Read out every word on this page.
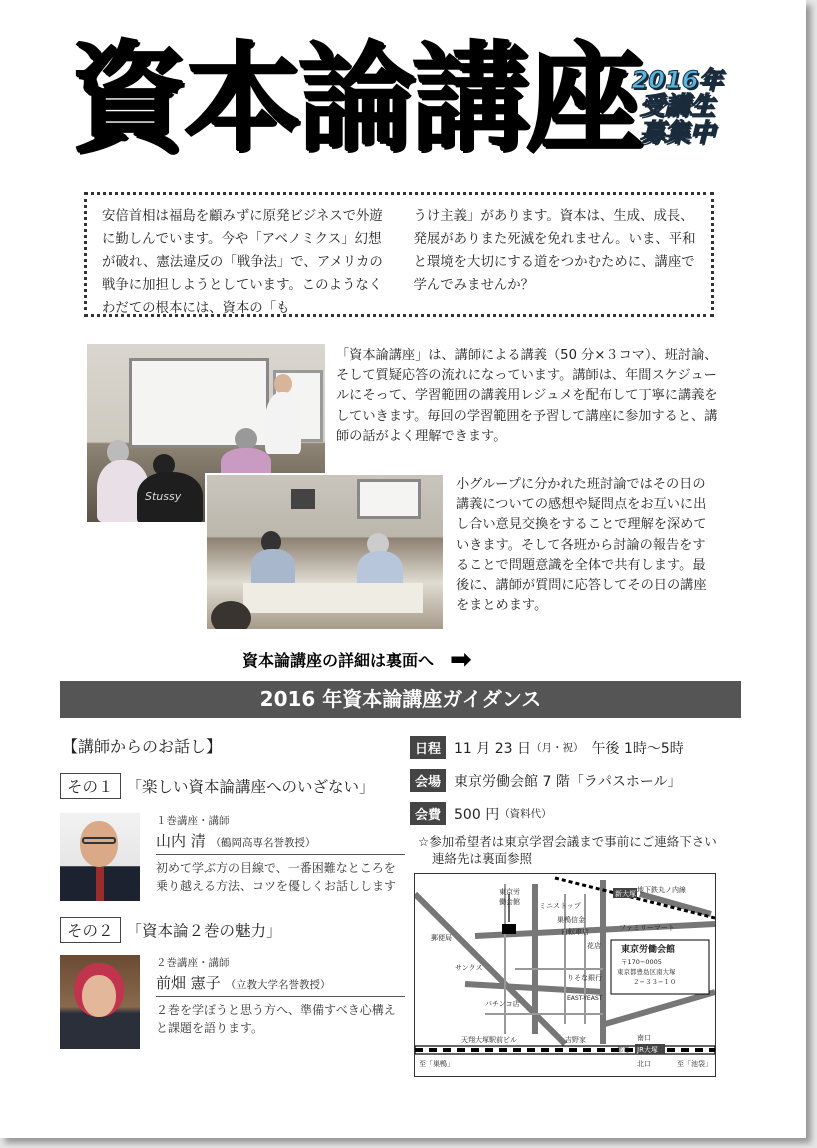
資本論講座
2016年
受講生
募集中
安倍首相は福島を顧みずに原発ビジネスで外遊に勤しんでいます。今や「アベノミクス」幻想が破れ、憲法違反の「戦争法」で、アメリカの戦争に加担しようとしています。このようなくわだての根本には、資本の「も
うけ主義」があります。資本は、生成、成長、発展がありまた死滅を免れません。いま、平和と環境を大切にする道をつかむために、講座で学んでみませんか？
Stussy
「資本論講座」は、講師による講義（50 分×３コマ）、班討論、そして質疑応答の流れになっています。講師は、年間スケジュールにそって、学習範囲の講義用レジュメを配布して丁寧に講義をしていきます。毎回の学習範囲を予習して講座に参加すると、講師の話がよく理解できます。
小グループに分かれた班討論ではその日の講義についての感想や疑問点をお互いに出し合い意見交換をすることで理解を深めていきます。そして各班から討論の報告をすることで問題意識を全体で共有します。最後に、講師が質問に応答してその日の講座をまとめます。
資本論講座の詳細は裏面へ ➡
2016 年資本論講座ガイダンス
【講師からのお話し】
その１ 「楽しい資本論講座へのいざない」
１巻講座・講師
山内 清 （鶴岡高専名誉教授）
初めて学ぶ方の目線で、一番困難なところを乗り越える方法、コツを優しくお話しします
その２ 「資本論２巻の魅力」
２巻講座・講師
前畑 憲子 （立教大学名誉教授）
２巻を学ぼうと思う方へ、準備すべき心構えと課題を語ります。
日程 11 月 23 日 （月・祝） 午後 1時〜5時
会場 東京労働会館 7 階「ラパスホール」
会費 500 円 （資料代）
☆参加希望者は東京学習会議まで事前にご連絡下さい
連絡先は裏面参照
東京労働会館
〒170−0005
東京都豊島区南大塚
２−３３−１０
地下鉄丸ノ内線
新大塚
東京労
働会館	ミニストップ
巣鴨信金
自転車店	ファミリーマート
郵便局
花店
サンクス
りそな銀行
パチンコ店
EAST-YEAST
天翔大塚駅前ビル	吉野家
都電
南口
JR大塚
北口
至「巣鴨」	至「池袋」
